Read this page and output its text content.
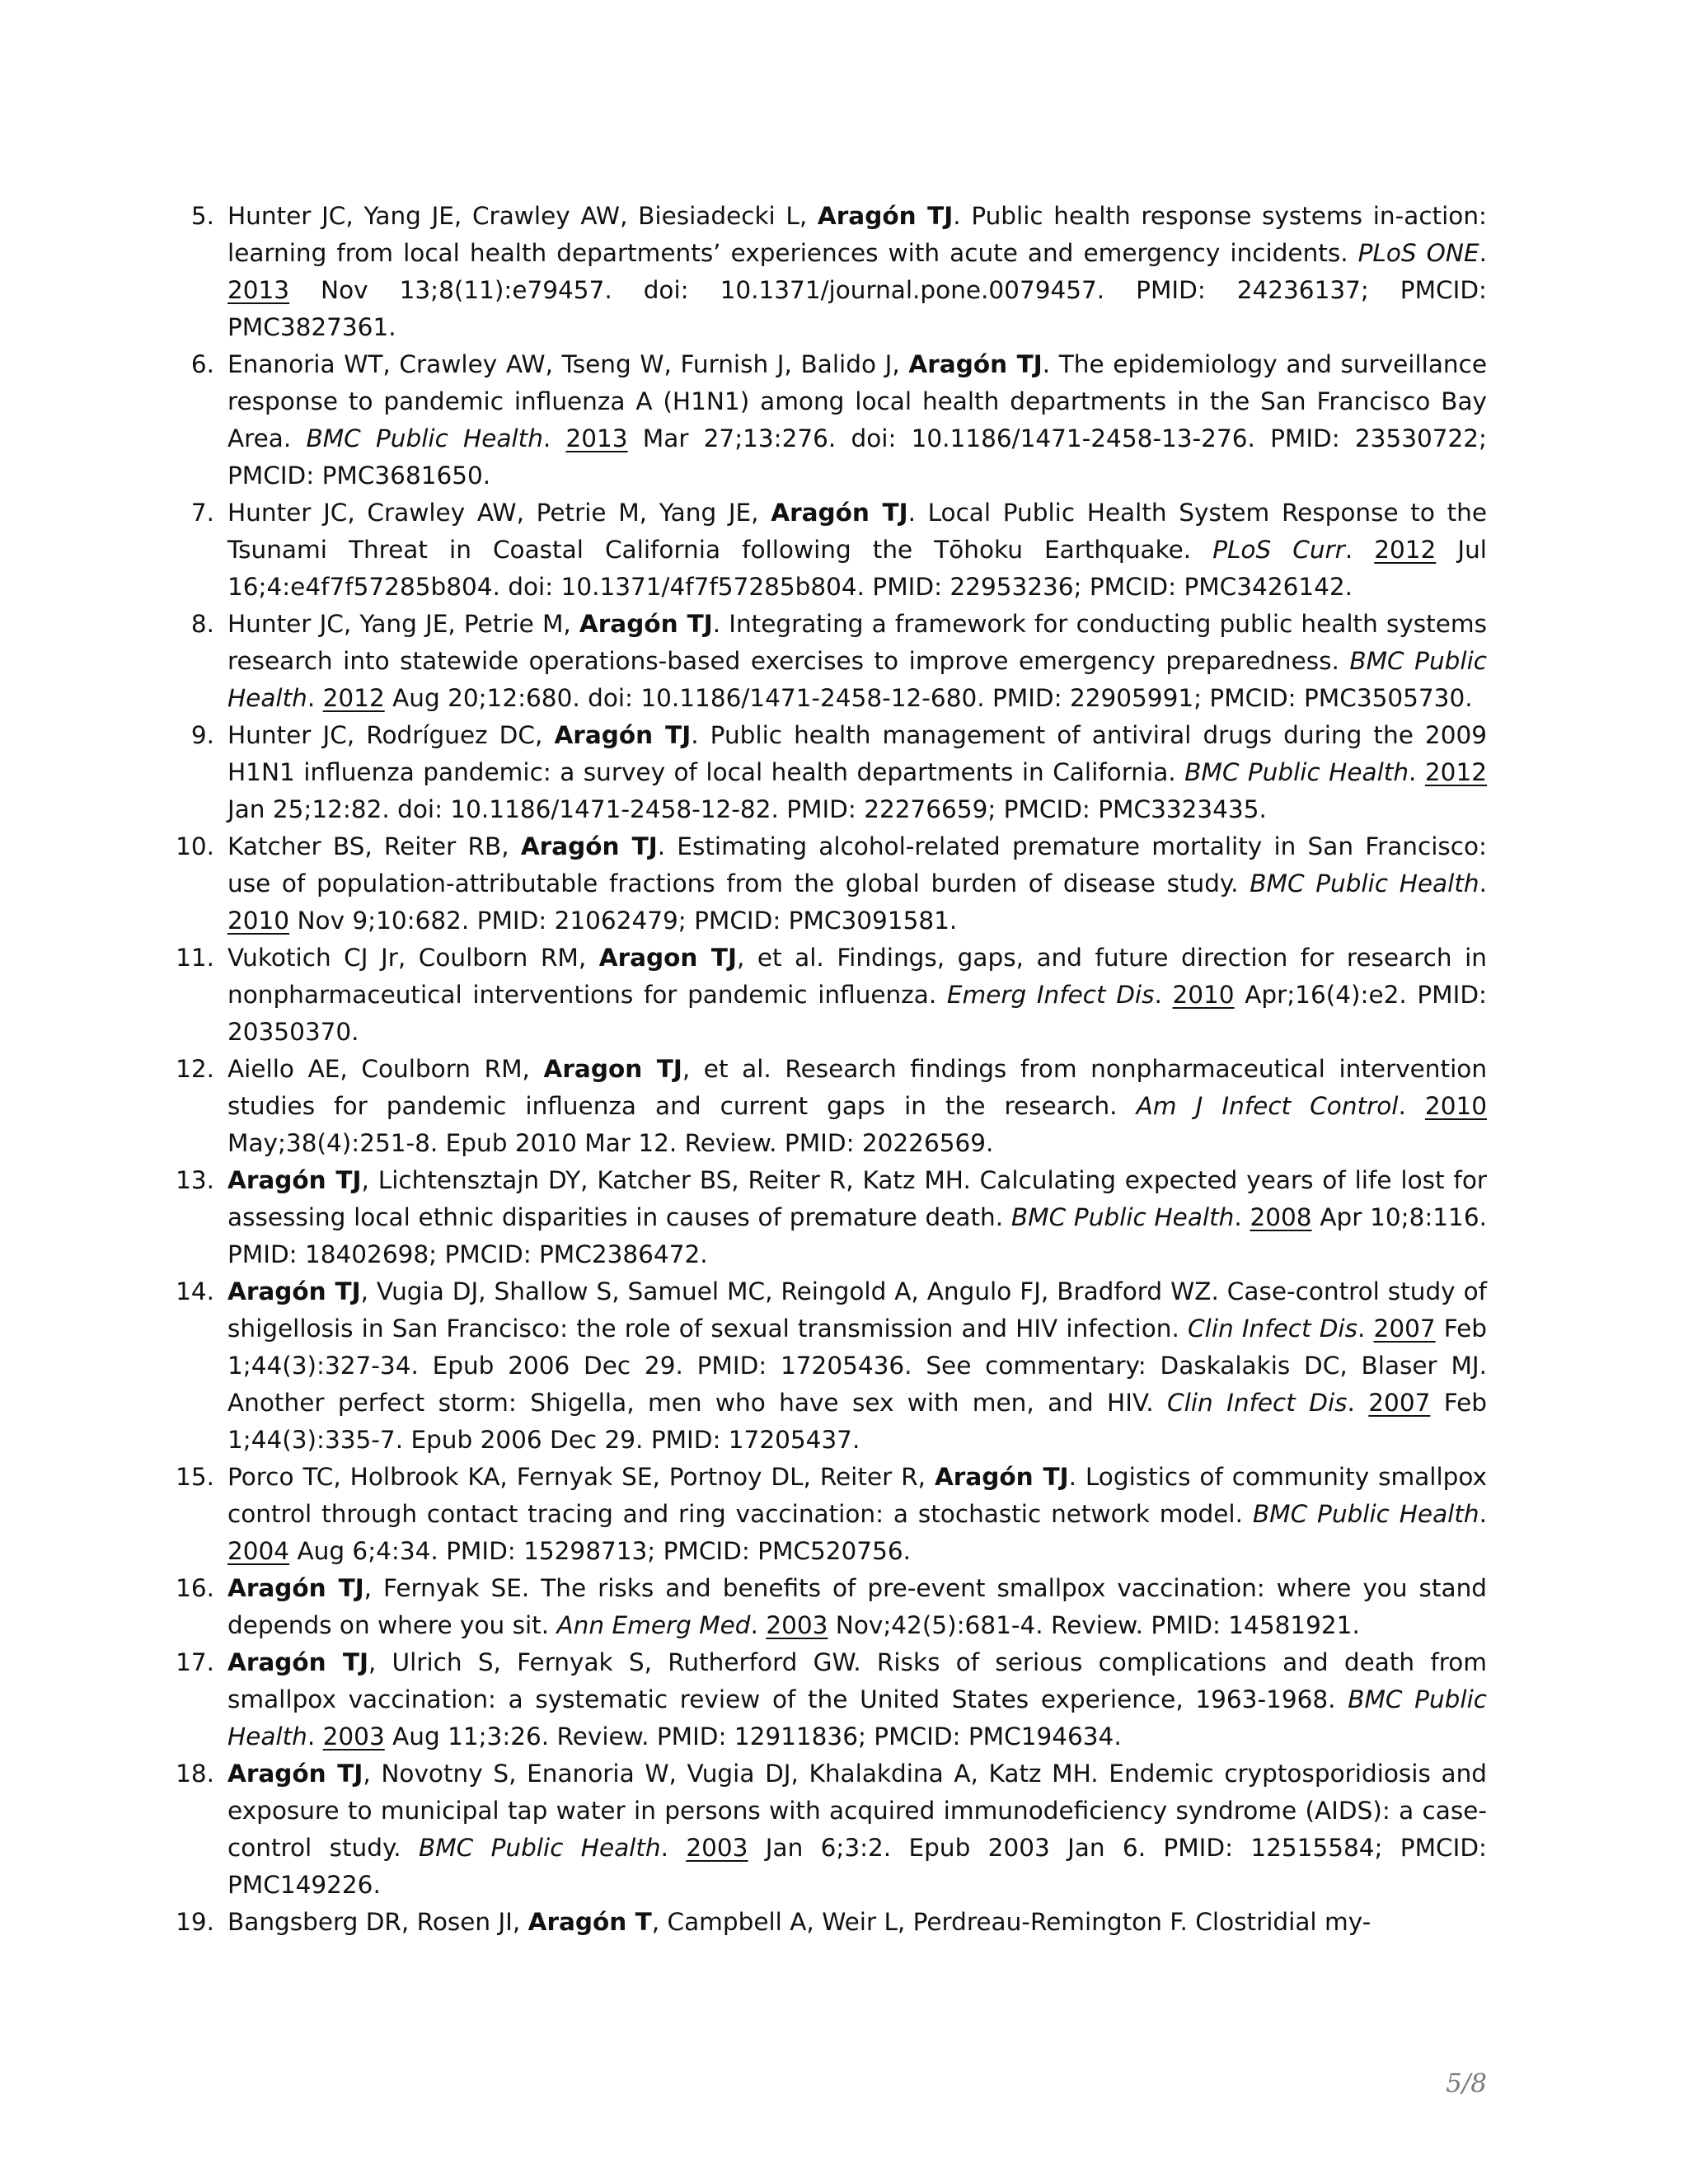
5. Hunter JC, Yang JE, Crawley AW, Biesiadecki L, Aragón TJ. Public health response systems in-action: learning from local health departments’ experiences with acute and emergency incidents. PLoS ONE. 2013 Nov 13;8(11):e79457. doi: 10.1371/journal.pone.0079457. PMID: 24236137; PMCID: PMC3827361.
6. Enanoria WT, Crawley AW, Tseng W, Furnish J, Balido J, Aragón TJ. The epidemiology and surveillance response to pandemic influenza A (H1N1) among local health departments in the San Francisco Bay Area. BMC Public Health. 2013 Mar 27;13:276. doi: 10.1186/1471-2458-13-276. PMID: 23530722; PMCID: PMC3681650.
7. Hunter JC, Crawley AW, Petrie M, Yang JE, Aragón TJ. Local Public Health System Response to the Tsunami Threat in Coastal California following the Tōhoku Earthquake. PLoS Curr. 2012 Jul 16;4:e4f7f57285b804. doi: 10.1371/4f7f57285b804. PMID: 22953236; PMCID: PMC3426142.
8. Hunter JC, Yang JE, Petrie M, Aragón TJ. Integrating a framework for conducting public health systems research into statewide operations-based exercises to improve emergency preparedness. BMC Public Health. 2012 Aug 20;12:680. doi: 10.1186/1471-2458-12-680. PMID: 22905991; PMCID: PMC3505730.
9. Hunter JC, Rodríguez DC, Aragón TJ. Public health management of antiviral drugs during the 2009 H1N1 influenza pandemic: a survey of local health departments in California. BMC Public Health. 2012 Jan 25;12:82. doi: 10.1186/1471-2458-12-82. PMID: 22276659; PMCID: PMC3323435.
10. Katcher BS, Reiter RB, Aragón TJ. Estimating alcohol-related premature mortality in San Francisco: use of population-attributable fractions from the global burden of disease study. BMC Public Health. 2010 Nov 9;10:682. PMID: 21062479; PMCID: PMC3091581.
11. Vukotich CJ Jr, Coulborn RM, Aragon TJ, et al. Findings, gaps, and future direction for research in nonpharmaceutical interventions for pandemic influenza. Emerg Infect Dis. 2010 Apr;16(4):e2. PMID: 20350370.
12. Aiello AE, Coulborn RM, Aragon TJ, et al. Research findings from nonpharmaceutical intervention studies for pandemic influenza and current gaps in the research. Am J Infect Control. 2010 May;38(4):251-8. Epub 2010 Mar 12. Review. PMID: 20226569.
13. Aragón TJ, Lichtensztajn DY, Katcher BS, Reiter R, Katz MH. Calculating expected years of life lost for assessing local ethnic disparities in causes of premature death. BMC Public Health. 2008 Apr 10;8:116. PMID: 18402698; PMCID: PMC2386472.
14. Aragón TJ, Vugia DJ, Shallow S, Samuel MC, Reingold A, Angulo FJ, Bradford WZ. Case-control study of shigellosis in San Francisco: the role of sexual transmission and HIV infection. Clin Infect Dis. 2007 Feb 1;44(3):327-34. Epub 2006 Dec 29. PMID: 17205436. See commentary: Daskalakis DC, Blaser MJ. Another perfect storm: Shigella, men who have sex with men, and HIV. Clin Infect Dis. 2007 Feb 1;44(3):335-7. Epub 2006 Dec 29. PMID: 17205437.
15. Porco TC, Holbrook KA, Fernyak SE, Portnoy DL, Reiter R, Aragón TJ. Logistics of community smallpox control through contact tracing and ring vaccination: a stochastic network model. BMC Public Health. 2004 Aug 6;4:34. PMID: 15298713; PMCID: PMC520756.
16. Aragón TJ, Fernyak SE. The risks and benefits of pre-event smallpox vaccination: where you stand depends on where you sit. Ann Emerg Med. 2003 Nov;42(5):681-4. Review. PMID: 14581921.
17. Aragón TJ, Ulrich S, Fernyak S, Rutherford GW. Risks of serious complications and death from smallpox vaccination: a systematic review of the United States experience, 1963-1968. BMC Public Health. 2003 Aug 11;3:26. Review. PMID: 12911836; PMCID: PMC194634.
18. Aragón TJ, Novotny S, Enanoria W, Vugia DJ, Khalakdina A, Katz MH. Endemic cryptosporidiosis and exposure to municipal tap water in persons with acquired immunodeficiency syndrome (AIDS): a case-control study. BMC Public Health. 2003 Jan 6;3:2. Epub 2003 Jan 6. PMID: 12515584; PMCID: PMC149226.
19. Bangsberg DR, Rosen JI, Aragón T, Campbell A, Weir L, Perdreau-Remington F. Clostridial my-
5/8
